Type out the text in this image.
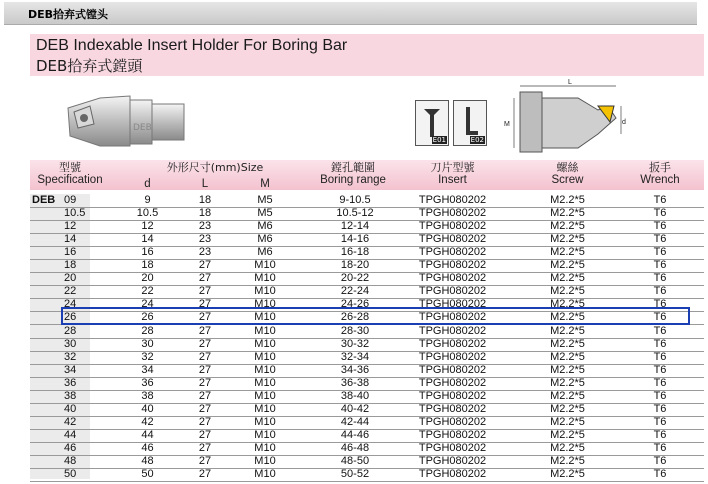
DEB拾弃式镗头
DEB Indexable Insert Holder For Boring Bar
DEB拾弃式鏜頭
DEB
E01	E02
L
M	d
型號
Specification
外形尺寸(mm)Size	鏜孔範圍
Boring range
刀片型號
Insert
螺絲
Screw
扳手
Wrench
d	L	M
DEB 09	9	18	M5	9-10.5	TPGH080202	M2.2*5	T6
10.5	10.5	18	M5	10.5-12	TPGH080202	M2.2*5	T6
12	12	23	M6	12-14	TPGH080202	M2.2*5	T6
14	14	23	M6	14-16	TPGH080202	M2.2*5	T6
16	16	23	M6	16-18	TPGH080202	M2.2*5	T6
18	18	27	M10	18-20	TPGH080202	M2.2*5	T6
20	20	27	M10	20-22	TPGH080202	M2.2*5	T6
22	22	27	M10	22-24	TPGH080202	M2.2*5	T6
24	24	27	M10	24-26	TPGH080202	M2.2*5	T6
26	26	27	M10	26-28	TPGH080202	M2.2*5	T6
28	28	27	M10	28-30	TPGH080202	M2.2*5	T6
30	30	27	M10	30-32	TPGH080202	M2.2*5	T6
32	32	27	M10	32-34	TPGH080202	M2.2*5	T6
34	34	27	M10	34-36	TPGH080202	M2.2*5	T6
36	36	27	M10	36-38	TPGH080202	M2.2*5	T6
38	38	27	M10	38-40	TPGH080202	M2.2*5	T6
40	40	27	M10	40-42	TPGH080202	M2.2*5	T6
42	42	27	M10	42-44	TPGH080202	M2.2*5	T6
44	44	27	M10	44-46	TPGH080202	M2.2*5	T6
46	46	27	M10	46-48	TPGH080202	M2.2*5	T6
48	48	27	M10	48-50	TPGH080202	M2.2*5	T6
50	50	27	M10	50-52	TPGH080202	M2.2*5	T6
